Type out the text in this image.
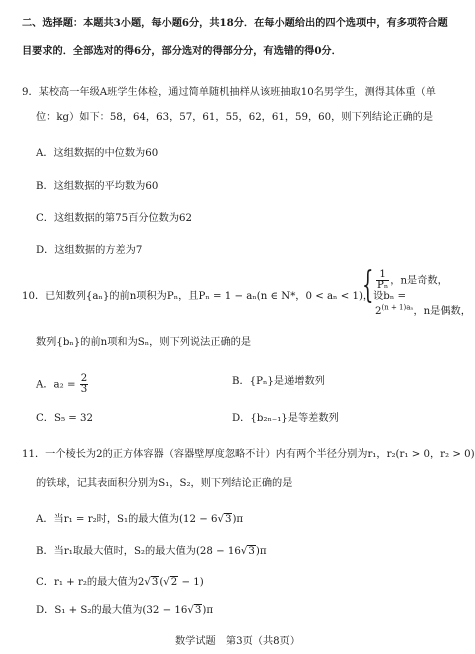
二、选择题：本题共3小题，每小题6分，共18分．在每小题给出的四个选项中，有多项符合题
目要求的．全部选对的得6分，部分选对的得部分分，有选错的得0分．
9．某校高一年级A班学生体检，通过简单随机抽样从该班抽取10名男学生，测得其体重（单
位：kg）如下：58，64，63，57，61，55，62，61，59，60，则下列结论正确的是
A．这组数据的中位数为60
B．这组数据的平均数为60
C．这组数据的第75百分位数为62
D．这组数据的方差为7
10．已知数列{aₙ}的前n项积为Pₙ，且Pₙ = 1 − aₙ(n ∈ N*，0 < aₙ < 1)，设bₙ =
{ $\frac{1}{\text{Pₙ}}$ ，n是奇数，
$2^{(n + 1)a_n}$，n是偶数，
数列{bₙ}的前n项和为Sₙ，则下列说法正确的是
A．$a_2 = \frac{2}{3}$	B．{Pₙ}是递增数列
C．S₅ = 32	D．{b₂ₙ₋₁}是等差数列
11．一个棱长为2的正方体容器（容器壁厚度忽略不计）内有两个半径分别为r₁，r₂(r₁ > 0，r₂ > 0)
的铁球，记其表面积分别为S₁，S₂，则下列结论正确的是
A．当r₁ = r₂时，S₁的最大值为(12 − 6√3)π
B．当r₁取最大值时，S₂的最大值为(28 − 16√3)π
C．r₁ + r₂的最大值为2√3(√2 − 1)
D．S₁ + S₂的最大值为(32 − 16√3)π
数学试题　第3页（共8页）
